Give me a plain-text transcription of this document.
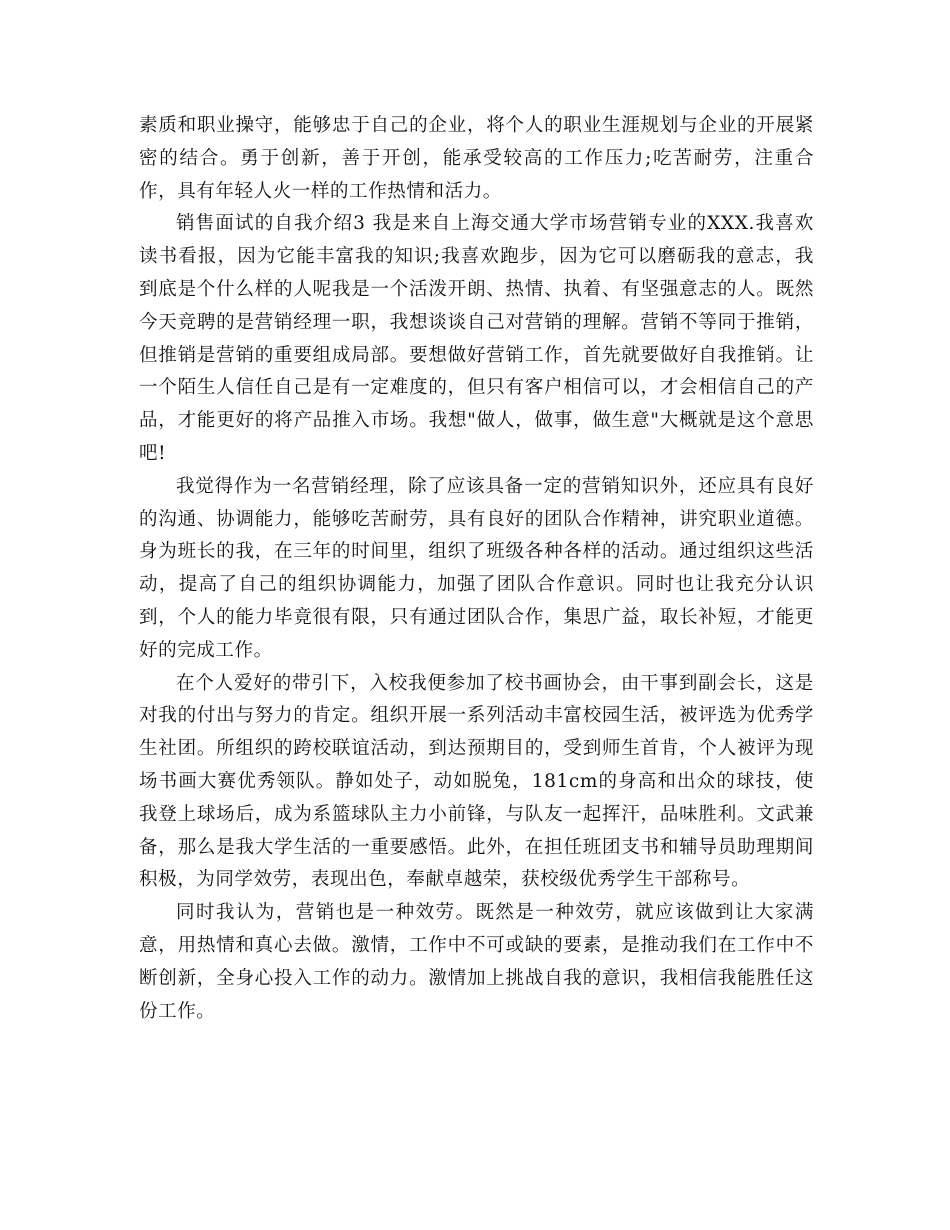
素质和职业操守，能够忠于自己的企业，将个人的职业生涯规划与企业的开展紧密的结合。勇于创新，善于开创，能承受较高的工作压力;吃苦耐劳，注重合作，具有年轻人火一样的工作热情和活力。

销售面试的自我介绍3 我是来自上海交通大学市场营销专业的XXX.我喜欢读书看报，因为它能丰富我的知识;我喜欢跑步，因为它可以磨砺我的意志，我到底是个什么样的人呢我是一个活泼开朗、热情、执着、有坚强意志的人。既然今天竞聘的是营销经理一职，我想谈谈自己对营销的理解。营销不等同于推销，但推销是营销的重要组成局部。要想做好营销工作，首先就要做好自我推销。让一个陌生人信任自己是有一定难度的，但只有客户相信可以，才会相信自己的产品，才能更好的将产品推入市场。我想"做人，做事，做生意"大概就是这个意思吧!

我觉得作为一名营销经理，除了应该具备一定的营销知识外，还应具有良好的沟通、协调能力，能够吃苦耐劳，具有良好的团队合作精神，讲究职业道德。身为班长的我，在三年的时间里，组织了班级各种各样的活动。通过组织这些活动，提高了自己的组织协调能力，加强了团队合作意识。同时也让我充分认识到，个人的能力毕竟很有限，只有通过团队合作，集思广益，取长补短，才能更好的完成工作。

在个人爱好的带引下，入校我便参加了校书画协会，由干事到副会长，这是对我的付出与努力的肯定。组织开展一系列活动丰富校园生活，被评选为优秀学生社团。所组织的跨校联谊活动，到达预期目的，受到师生首肯，个人被评为现场书画大赛优秀领队。静如处子，动如脱兔，181cm的身高和出众的球技，使我登上球场后，成为系篮球队主力小前锋，与队友一起挥汗，品味胜利。文武兼备，那么是我大学生活的一重要感悟。此外，在担任班团支书和辅导员助理期间积极，为同学效劳，表现出色，奉献卓越荣，获校级优秀学生干部称号。

同时我认为，营销也是一种效劳。既然是一种效劳，就应该做到让大家满意，用热情和真心去做。激情，工作中不可或缺的要素，是推动我们在工作中不断创新，全身心投入工作的动力。激情加上挑战自我的意识，我相信我能胜任这份工作。
